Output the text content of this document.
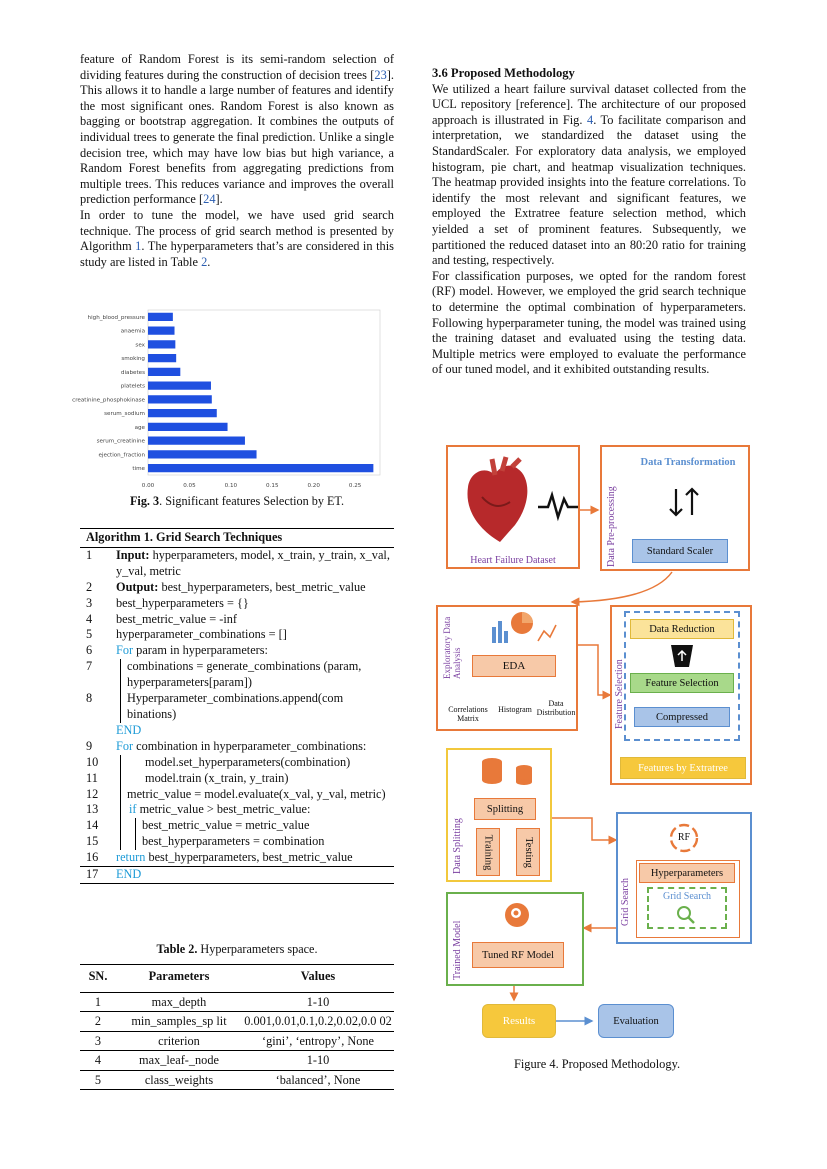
feature of Random Forest is its semi-random selection of dividing features during the construction of decision trees [23]. This allows it to handle a large number of features and identify the most significant ones. Random Forest is also known as bagging or bootstrap aggregation. It combines the outputs of individual trees to generate the final prediction. Unlike a single decision tree, which may have low bias but high variance, a Random Forest benefits from aggregating predictions from multiple trees. This reduces variance and improves the overall prediction performance [24].

In order to tune the model, we have used grid search technique. The process of grid search method is presented by Algorithm 1. The hyperparameters that’s are considered in this study are listed in Table 2.

time
ejection_fraction
serum_creatinine
age
serum_sodium
creatinine_phosphokinase
platelets
diabetes
smoking
sex
anaemia
high_blood_pressure
0.00	0.05	0.10	0.15	0.20	0.25
Fig. 3. Significant features Selection by ET.
Algorithm 1. Grid Search Techniques
1	Input: hyperparameters, model, x_train, y_train, x_val, y_val, metric
2	Output: best_hyperparameters, best_metric_value
3	best_hyperparameters = {}
4	best_metric_value = -inf
5	hyperparameter_combinations = []
6	For param in hyperparameters:
7	combinations = generate_combinations (param, hyperparameters[param])
8	Hyperparameter_combinations.append(com binations)
END
9	For combination in hyperparameter_combinations:
10	model.set_hyperparameters(combination)
11	model.train (x_train, y_train)
12	metric_value = model.evaluate(x_val, y_val, metric)
13	if metric_value > best_metric_value:
14	best_metric_value = metric_value
15	best_hyperparameters = combination
16	return best_hyperparameters, best_metric_value
17	END
Table 2. Hyperparameters space.
SN.	Parameters	Values
1	max_depth	1-10
2	min_samples_sp lit	0.001,0.01,0.1,0.2,0.02,0.0 02
3	criterion	‘gini’, ‘entropy’, None
4	max_leaf-_node	1-10
5	class_weights	‘balanced’, None
3.6 Proposed Methodology

We utilized a heart failure survival dataset collected from the UCL repository [reference]. The architecture of our proposed approach is illustrated in Fig. 4. To facilitate comparison and interpretation, we standardized the dataset using the StandardScaler. For exploratory data analysis, we employed histogram, pie chart, and heatmap visualization techniques. The heatmap provided insights into the feature correlations. To identify the most relevant and significant features, we employed the Extratree feature selection method, which yielded a set of prominent features. Subsequently, we partitioned the reduced dataset into an 80:20 ratio for training and testing, respectively.

For classification purposes, we opted for the random forest (RF) model. However, we employed the grid search technique to determine the optimal combination of hyperparameters. Following hyperparameter tuning, the model was trained using the training dataset and evaluated using the testing data. Multiple metrics were employed to evaluate the performance of our tuned model, and it exhibited outstanding results.

Heart Failure Dataset	Data Pre-processing
Data Transformation
Standard Scaler
Exploratory Data Analysis	EDA
Correlations Matrix
Histogram
Data Distribution	Feature Selection
Data Reduction
Feature Selection
Compressed
Features by Extratree
Data Splitting
Splitting
Training	Testing
Grid Search
RF
Hyperparameters
Grid Search
Trained Model	Tuned RF Model
Results	Evaluation
Figure 4. Proposed Methodology.
